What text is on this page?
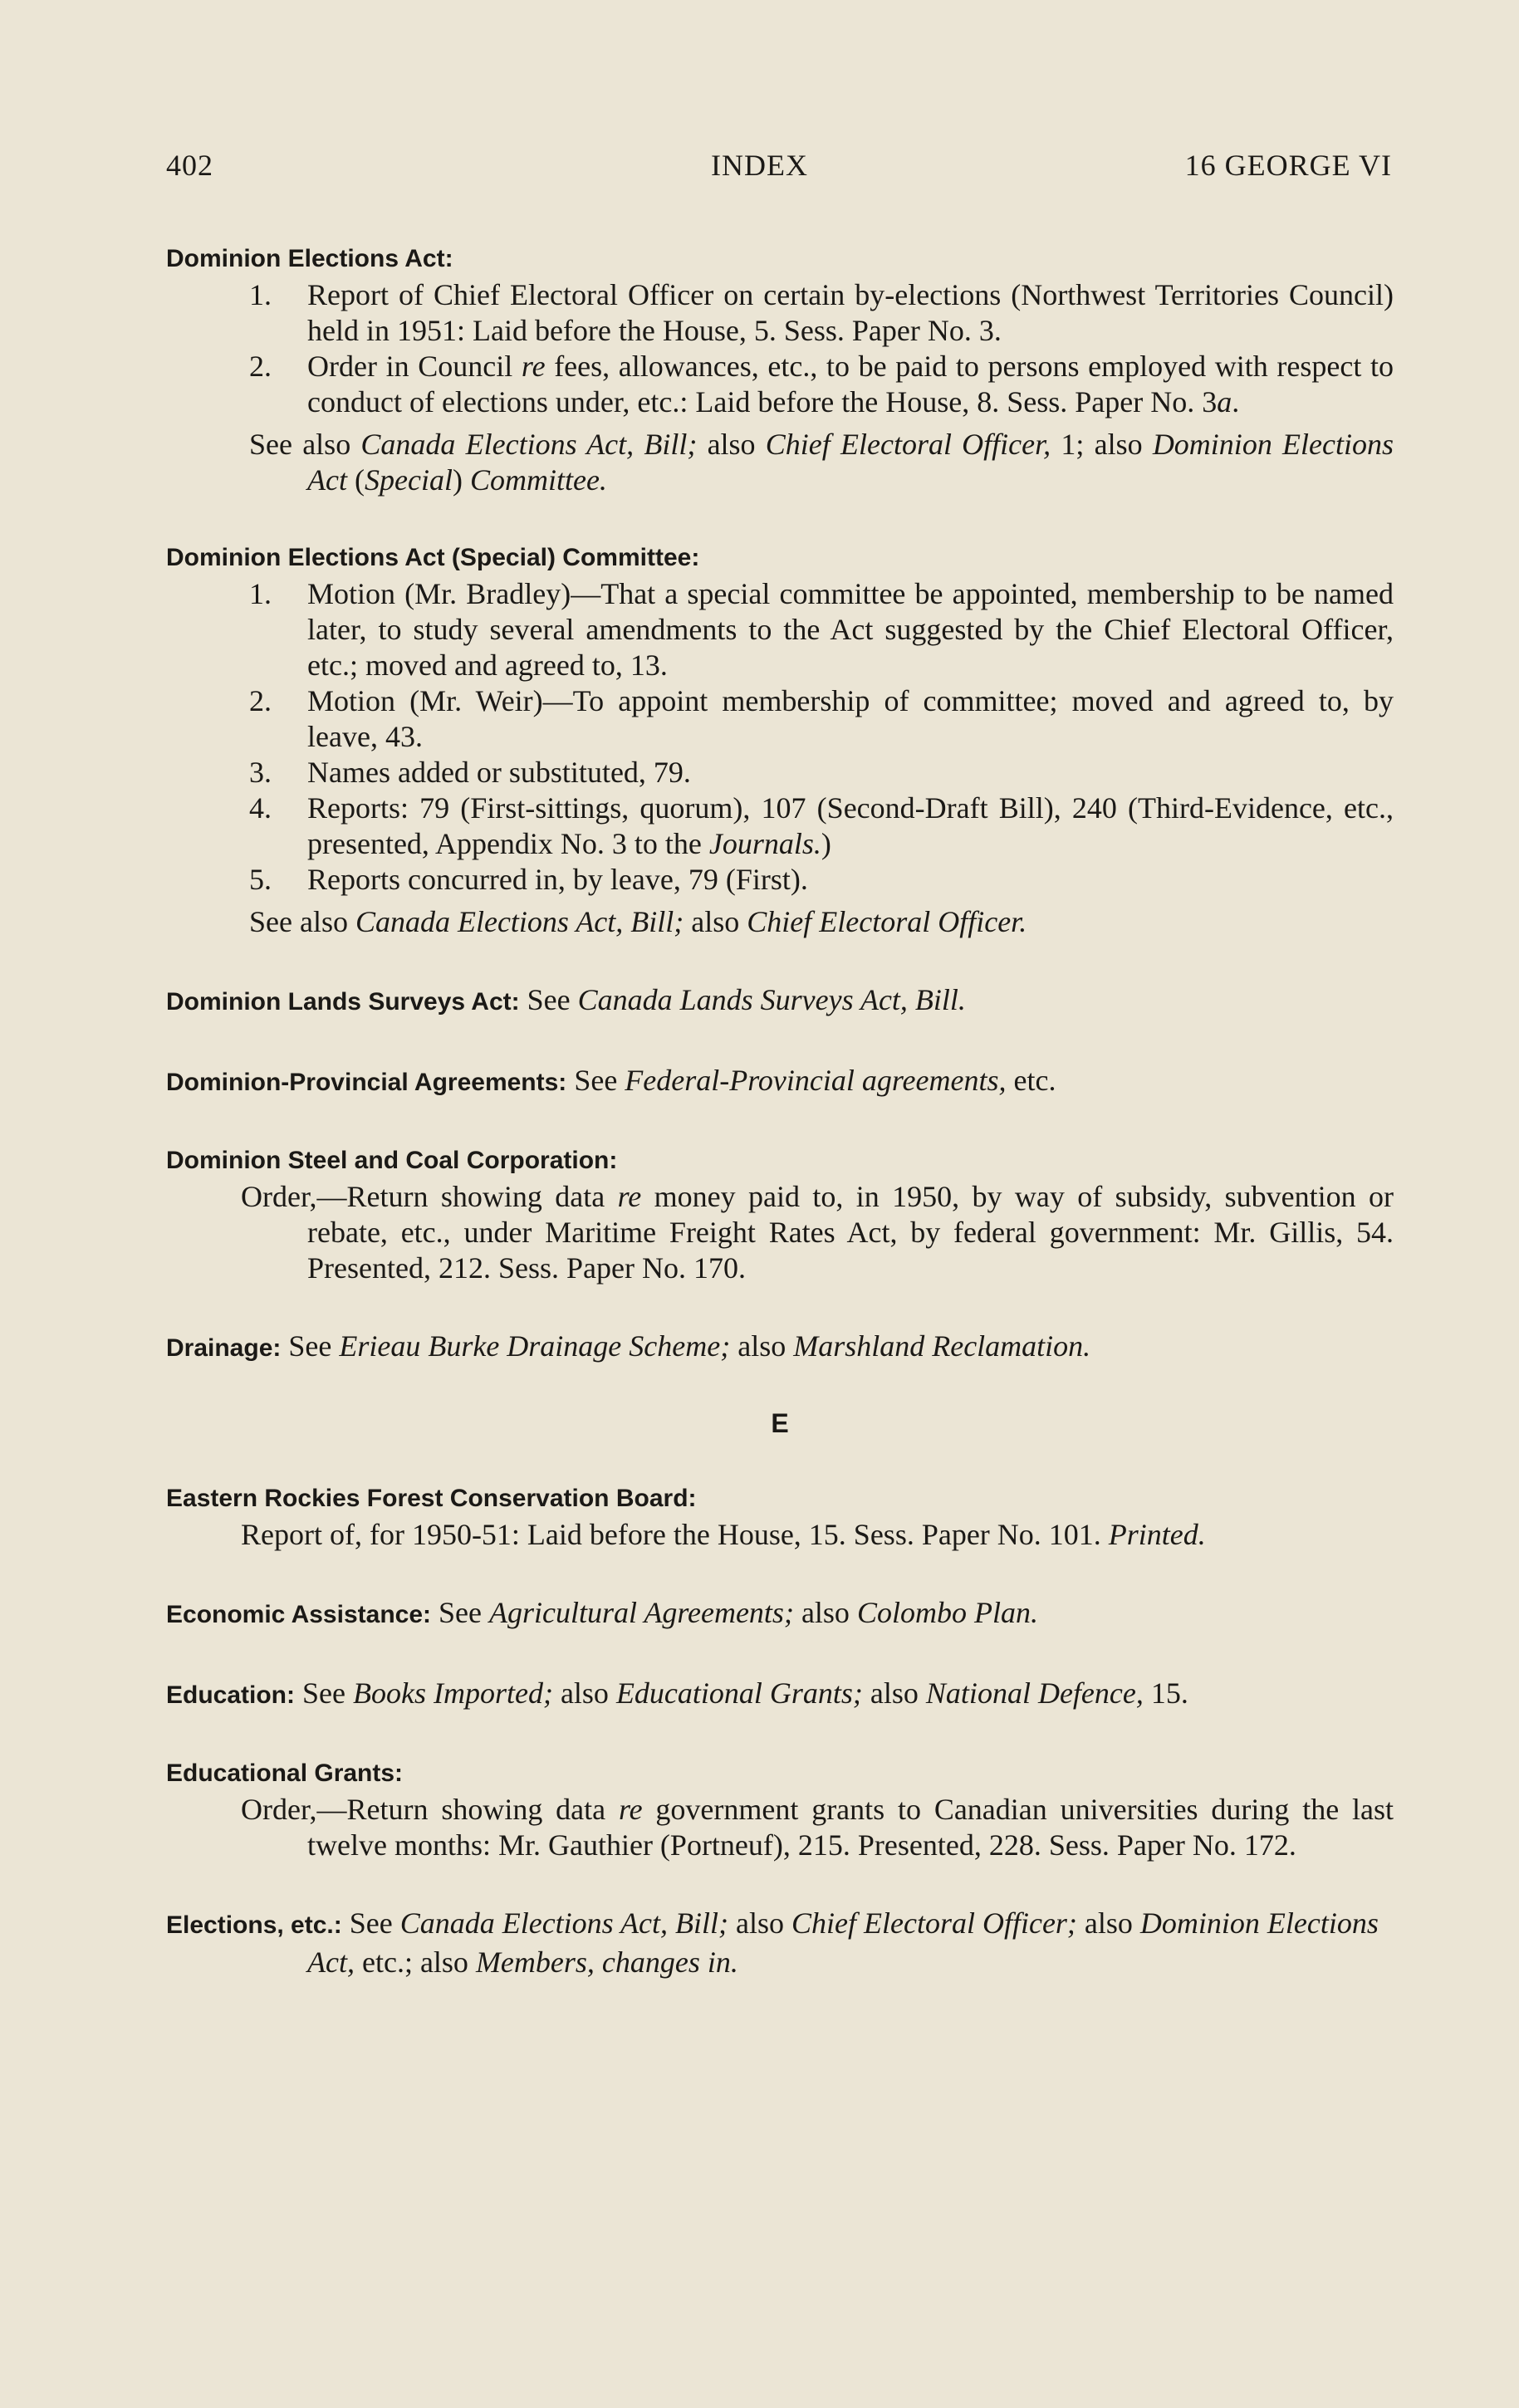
402	INDEX	16 GEORGE VI
Dominion Elections Act:
1. Report of Chief Electoral Officer on certain by-elections (Northwest Territories Council) held in 1951: Laid before the House, 5. Sess. Paper No. 3.
2. Order in Council re fees, allowances, etc., to be paid to persons employed with respect to conduct of elections under, etc.: Laid before the House, 8. Sess. Paper No. 3a.
See also Canada Elections Act, Bill; also Chief Electoral Officer, 1; also Dominion Elections Act (Special) Committee.
Dominion Elections Act (Special) Committee:
1. Motion (Mr. Bradley)—That a special committee be appointed, membership to be named later, to study several amendments to the Act suggested by the Chief Electoral Officer, etc.; moved and agreed to, 13.
2. Motion (Mr. Weir)—To appoint membership of committee; moved and agreed to, by leave, 43.
3. Names added or substituted, 79.
4. Reports: 79 (First-sittings, quorum), 107 (Second-Draft Bill), 240 (Third-Evidence, etc., presented, Appendix No. 3 to the Journals.)
5. Reports concurred in, by leave, 79 (First).
See also Canada Elections Act, Bill; also Chief Electoral Officer.
Dominion Lands Surveys Act: See Canada Lands Surveys Act, Bill.
Dominion-Provincial Agreements: See Federal-Provincial agreements, etc.
Dominion Steel and Coal Corporation:
Order,—Return showing data re money paid to, in 1950, by way of subsidy, subvention or rebate, etc., under Maritime Freight Rates Act, by federal government: Mr. Gillis, 54. Presented, 212. Sess. Paper No. 170.
Drainage: See Erieau Burke Drainage Scheme; also Marshland Reclamation.
E
Eastern Rockies Forest Conservation Board:
Report of, for 1950-51: Laid before the House, 15. Sess. Paper No. 101. Printed.
Economic Assistance: See Agricultural Agreements; also Colombo Plan.
Education: See Books Imported; also Educational Grants; also National Defence, 15.
Educational Grants:
Order,—Return showing data re government grants to Canadian universities during the last twelve months: Mr. Gauthier (Portneuf), 215. Presented, 228. Sess. Paper No. 172.
Elections, etc.: See Canada Elections Act, Bill; also Chief Electoral Officer; also Dominion Elections Act, etc.; also Members, changes in.
